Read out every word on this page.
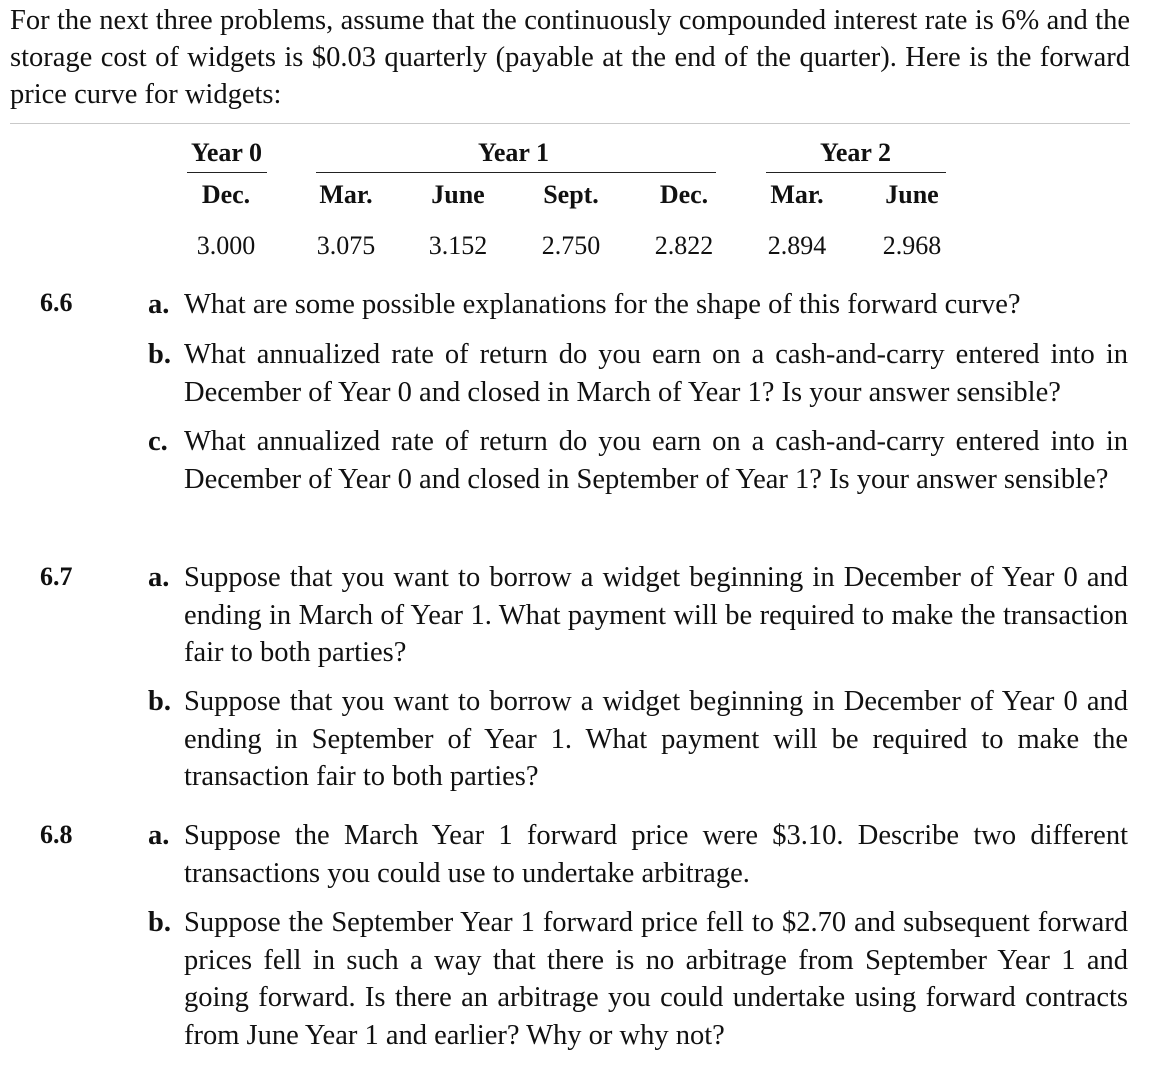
For the next three problems, assume that the continuously compounded interest rate is 6% and the storage cost of widgets is $0.03 quarterly (payable at the end of the quarter). Here is the forward price curve for widgets:
Year 0	Year 1	Year 2
Dec.	Mar.	June	Sept.	Dec.	Mar.	June
3.000	3.075	3.152	2.750	2.822	2.894	2.968
6.6	a. What are some possible explanations for the shape of this forward curve?
b. What annualized rate of return do you earn on a cash-and-carry entered into in December of Year 0 and closed in March of Year 1? Is your answer sensible?
c. What annualized rate of return do you earn on a cash-and-carry entered into in December of Year 0 and closed in September of Year 1? Is your answer sensible?
6.7	a. Suppose that you want to borrow a widget beginning in December of Year 0 and ending in March of Year 1. What payment will be required to make the transaction fair to both parties?
b. Suppose that you want to borrow a widget beginning in December of Year 0 and ending in September of Year 1. What payment will be required to make the transaction fair to both parties?
6.8	a. Suppose the March Year 1 forward price were $3.10. Describe two different transactions you could use to undertake arbitrage.
b. Suppose the September Year 1 forward price fell to $2.70 and subsequent forward prices fell in such a way that there is no arbitrage from September Year 1 and going forward. Is there an arbitrage you could undertake using forward contracts from June Year 1 and earlier? Why or why not?
